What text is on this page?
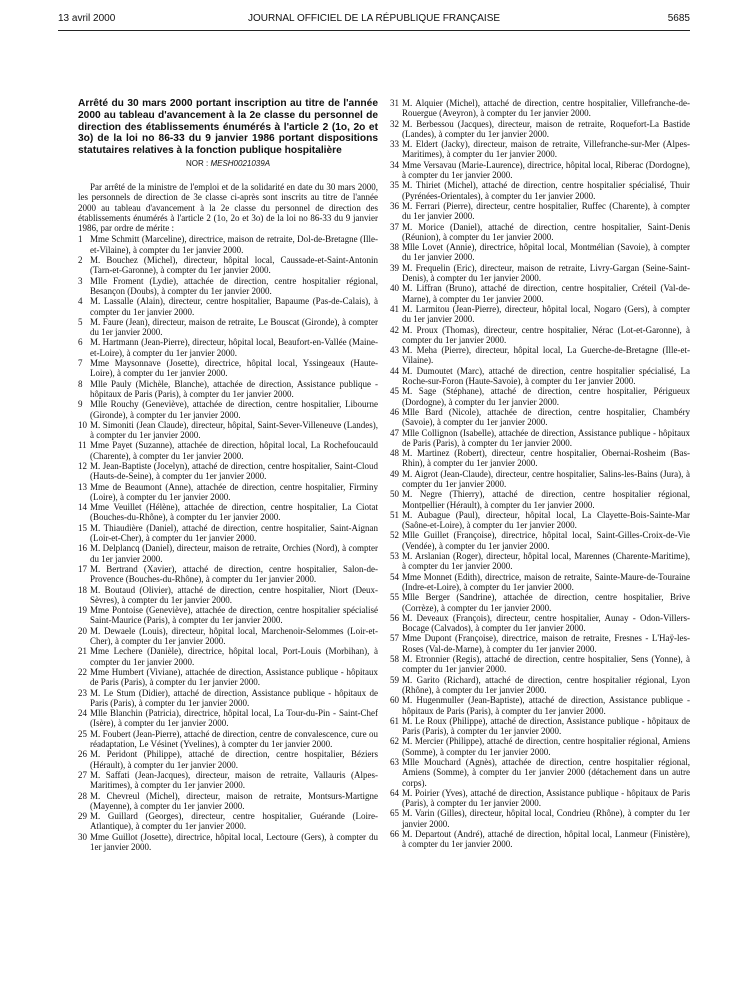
13 avril 2000	JOURNAL OFFICIEL DE LA RÉPUBLIQUE FRANÇAISE	5685
Arrêté du 30 mars 2000 portant inscription au titre de l'année 2000 au tableau d'avancement à la 2e classe du personnel de direction des établissements énumérés à l'article 2 (1o, 2o et 3o) de la loi no 86-33 du 9 janvier 1986 portant dispositions statutaires relatives à la fonction publique hospitalière
NOR : MESH0021039A
Par arrêté de la ministre de l'emploi et de la solidarité en date du 30 mars 2000, les personnels de direction de 3e classe ci-après sont inscrits au titre de l'année 2000 au tableau d'avancement à la 2e classe du personnel de direction des établissements énumérés à l'article 2 (1o, 2o et 3o) de la loi no 86-33 du 9 janvier 1986, par ordre de mérite :
1 Mme Schmitt (Marceline), directrice, maison de retraite, Dol-de-Bretagne (Ille-et-Vilaine), à compter du 1er janvier 2000.
2 M. Bouchez (Michel), directeur, hôpital local, Caussade-et-Saint-Antonin (Tarn-et-Garonne), à compter du 1er janvier 2000.
3 Mlle Froment (Lydie), attachée de direction, centre hospitalier régional, Besançon (Doubs), à compter du 1er janvier 2000.
4 M. Lassalle (Alain), directeur, centre hospitalier, Bapaume (Pas-de-Calais), à compter du 1er janvier 2000.
5 M. Faure (Jean), directeur, maison de retraite, Le Bouscat (Gironde), à compter du 1er janvier 2000.
6 M. Hartmann (Jean-Pierre), directeur, hôpital local, Beaufort-en-Vallée (Maine-et-Loire), à compter du 1er janvier 2000.
7 Mme Maysonnave (Josette), directrice, hôpital local, Yssingeaux (Haute-Loire), à compter du 1er janvier 2000.
8 Mlle Pauly (Michèle, Blanche), attachée de direction, Assistance publique - hôpitaux de Paris (Paris), à compter du 1er janvier 2000.
9 Mlle Rouchy (Geneviève), attachée de direction, centre hospitalier, Libourne (Gironde), à compter du 1er janvier 2000.
10 M. Simoniti (Jean Claude), directeur, hôpital, Saint-Sever-Villeneuve (Landes), à compter du 1er janvier 2000.
11 Mme Payet (Suzanne), attachée de direction, hôpital local, La Rochefoucauld (Charente), à compter du 1er janvier 2000.
12 M. Jean-Baptiste (Jocelyn), attaché de direction, centre hospitalier, Saint-Cloud (Hauts-de-Seine), à compter du 1er janvier 2000.
13 Mme de Beaumont (Anne), attachée de direction, centre hospitalier, Firminy (Loire), à compter du 1er janvier 2000.
14 Mme Veuillet (Hélène), attachée de direction, centre hospitalier, La Ciotat (Bouches-du-Rhône), à compter du 1er janvier 2000.
15 M. Thiaudière (Daniel), attaché de direction, centre hospitalier, Saint-Aignan (Loir-et-Cher), à compter du 1er janvier 2000.
16 M. Delplancq (Daniel), directeur, maison de retraite, Orchies (Nord), à compter du 1er janvier 2000.
17 M. Bertrand (Xavier), attaché de direction, centre hospitalier, Salon-de-Provence (Bouches-du-Rhône), à compter du 1er janvier 2000.
18 M. Boutaud (Olivier), attaché de direction, centre hospitalier, Niort (Deux-Sèvres), à compter du 1er janvier 2000.
19 Mme Pontoise (Geneviève), attachée de direction, centre hospitalier spécialisé Saint-Maurice (Paris), à compter du 1er janvier 2000.
20 M. Dewaele (Louis), directeur, hôpital local, Marchenoir-Selommes (Loir-et-Cher), à compter du 1er janvier 2000.
21 Mme Lechere (Danièle), directrice, hôpital local, Port-Louis (Morbihan), à compter du 1er janvier 2000.
22 Mme Humbert (Viviane), attachée de direction, Assistance publique - hôpitaux de Paris (Paris), à compter du 1er janvier 2000.
23 M. Le Stum (Didier), attaché de direction, Assistance publique - hôpitaux de Paris (Paris), à compter du 1er janvier 2000.
24 Mlle Blanchin (Patricia), directrice, hôpital local, La Tour-du-Pin - Saint-Chef (Isère), à compter du 1er janvier 2000.
25 M. Foubert (Jean-Pierre), attaché de direction, centre de convalescence, cure ou réadaptation, Le Vésinet (Yvelines), à compter du 1er janvier 2000.
26 M. Peridont (Philippe), attaché de direction, centre hospitalier, Béziers (Hérault), à compter du 1er janvier 2000.
27 M. Saffati (Jean-Jacques), directeur, maison de retraite, Vallauris (Alpes-Maritimes), à compter du 1er janvier 2000.
28 M. Chevreul (Michel), directeur, maison de retraite, Montsurs-Martigne (Mayenne), à compter du 1er janvier 2000.
29 M. Guillard (Georges), directeur, centre hospitalier, Guérande (Loire-Atlantique), à compter du 1er janvier 2000.
30 Mme Guillot (Josette), directrice, hôpital local, Lectoure (Gers), à compter du 1er janvier 2000.
31 M. Alquier (Michel), attaché de direction, centre hospitalier, Villefranche-de-Rouergue (Aveyron), à compter du 1er janvier 2000.
32 M. Berbessou (Jacques), directeur, maison de retraite, Roquefort-La Bastide (Landes), à compter du 1er janvier 2000.
33 M. Eldert (Jacky), directeur, maison de retraite, Villefranche-sur-Mer (Alpes-Maritimes), à compter du 1er janvier 2000.
34 Mme Versavau (Marie-Laurence), directrice, hôpital local, Riberac (Dordogne), à compter du 1er janvier 2000.
35 M. Thiriet (Michel), attaché de direction, centre hospitalier spécialisé, Thuir (Pyrénées-Orientales), à compter du 1er janvier 2000.
36 M. Ferrari (Pierre), directeur, centre hospitalier, Ruffec (Charente), à compter du 1er janvier 2000.
37 M. Morice (Daniel), attaché de direction, centre hospitalier, Saint-Denis (Réunion), à compter du 1er janvier 2000.
38 Mlle Lovet (Annie), directrice, hôpital local, Montmélian (Savoie), à compter du 1er janvier 2000.
39 M. Frequelin (Eric), directeur, maison de retraite, Livry-Gargan (Seine-Saint-Denis), à compter du 1er janvier 2000.
40 M. Liffran (Bruno), attaché de direction, centre hospitalier, Créteil (Val-de-Marne), à compter du 1er janvier 2000.
41 M. Larmitou (Jean-Pierre), directeur, hôpital local, Nogaro (Gers), à compter du 1er janvier 2000.
42 M. Proux (Thomas), directeur, centre hospitalier, Nérac (Lot-et-Garonne), à compter du 1er janvier 2000.
43 M. Meha (Pierre), directeur, hôpital local, La Guerche-de-Bretagne (Ille-et-Vilaine).
44 M. Dumoutet (Marc), attaché de direction, centre hospitalier spécialisé, La Roche-sur-Foron (Haute-Savoie), à compter du 1er janvier 2000.
45 M. Sage (Stéphane), attaché de direction, centre hospitalier, Périgueux (Dordogne), à compter du 1er janvier 2000.
46 Mlle Bard (Nicole), attachée de direction, centre hospitalier, Chambéry (Savoie), à compter du 1er janvier 2000.
47 Mlle Collignon (Isabelle), attachée de direction, Assistance publique - hôpitaux de Paris (Paris), à compter du 1er janvier 2000.
48 M. Martinez (Robert), directeur, centre hospitalier, Obernai-Rosheim (Bas-Rhin), à compter du 1er janvier 2000.
49 M. Aigrot (Jean-Claude), directeur, centre hospitalier, Salins-les-Bains (Jura), à compter du 1er janvier 2000.
50 M. Negre (Thierry), attaché de direction, centre hospitalier régional, Montpellier (Hérault), à compter du 1er janvier 2000.
51 M. Aubague (Paul), directeur, hôpital local, La Clayette-Bois-Sainte-Mar (Saône-et-Loire), à compter du 1er janvier 2000.
52 Mlle Guillet (Françoise), directrice, hôpital local, Saint-Gilles-Croix-de-Vie (Vendée), à compter du 1er janvier 2000.
53 M. Arslanian (Roger), directeur, hôpital local, Marennes (Charente-Maritime), à compter du 1er janvier 2000.
54 Mme Monnet (Edith), directrice, maison de retraite, Sainte-Maure-de-Touraine (Indre-et-Loire), à compter du 1er janvier 2000.
55 Mlle Berger (Sandrine), attachée de direction, centre hospitalier, Brive (Corrèze), à compter du 1er janvier 2000.
56 M. Deveaux (François), directeur, centre hospitalier, Aunay - Odon-Villers-Bocage (Calvados), à compter du 1er janvier 2000.
57 Mme Dupont (Françoise), directrice, maison de retraite, Fresnes - L'Haÿ-les-Roses (Val-de-Marne), à compter du 1er janvier 2000.
58 M. Etronnier (Regis), attaché de direction, centre hospitalier, Sens (Yonne), à compter du 1er janvier 2000.
59 M. Garito (Richard), attaché de direction, centre hospitalier régional, Lyon (Rhône), à compter du 1er janvier 2000.
60 M. Hugenmuller (Jean-Baptiste), attaché de direction, Assistance publique - hôpitaux de Paris (Paris), à compter du 1er janvier 2000.
61 M. Le Roux (Philippe), attaché de direction, Assistance publique - hôpitaux de Paris (Paris), à compter du 1er janvier 2000.
62 M. Mercier (Philippe), attaché de direction, centre hospitalier régional, Amiens (Somme), à compter du 1er janvier 2000.
63 Mlle Mouchard (Agnès), attachée de direction, centre hospitalier régional, Amiens (Somme), à compter du 1er janvier 2000 (détachement dans un autre corps).
64 M. Poirier (Yves), attaché de direction, Assistance publique - hôpitaux de Paris (Paris), à compter du 1er janvier 2000.
65 M. Varin (Gilles), directeur, hôpital local, Condrieu (Rhône), à compter du 1er janvier 2000.
66 M. Departout (André), attaché de direction, hôpital local, Lanmeur (Finistère), à compter du 1er janvier 2000.
